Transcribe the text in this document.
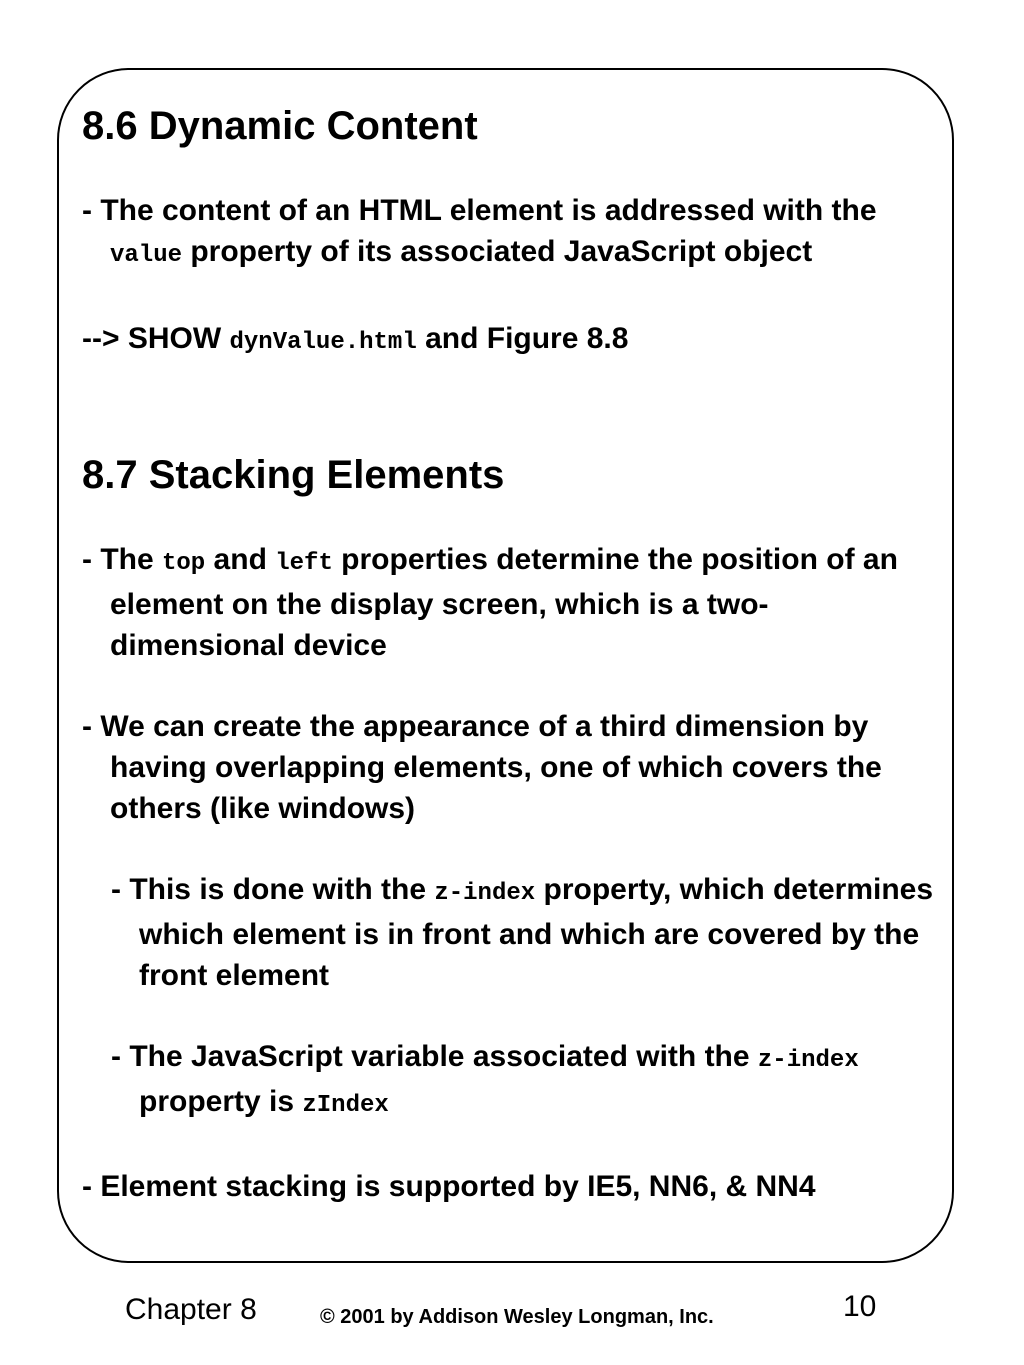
8.6 Dynamic Content

- The content of an HTML element is addressed with the value property of its associated JavaScript object

--> SHOW dynValue.html and Figure 8.8

8.7 Stacking Elements

- The top and left properties determine the position of an element on the display screen, which is a two-dimensional device

- We can create the appearance of a third dimension by having overlapping elements, one of which covers the others (like windows)

- This is done with the z-index property, which determines which element is in front and which are covered by the front element

- The JavaScript variable associated with the z-index property is zIndex

- Element stacking is supported by IE5, NN6, & NN4

Chapter 8	© 2001 by Addison Wesley Longman, Inc.	10
